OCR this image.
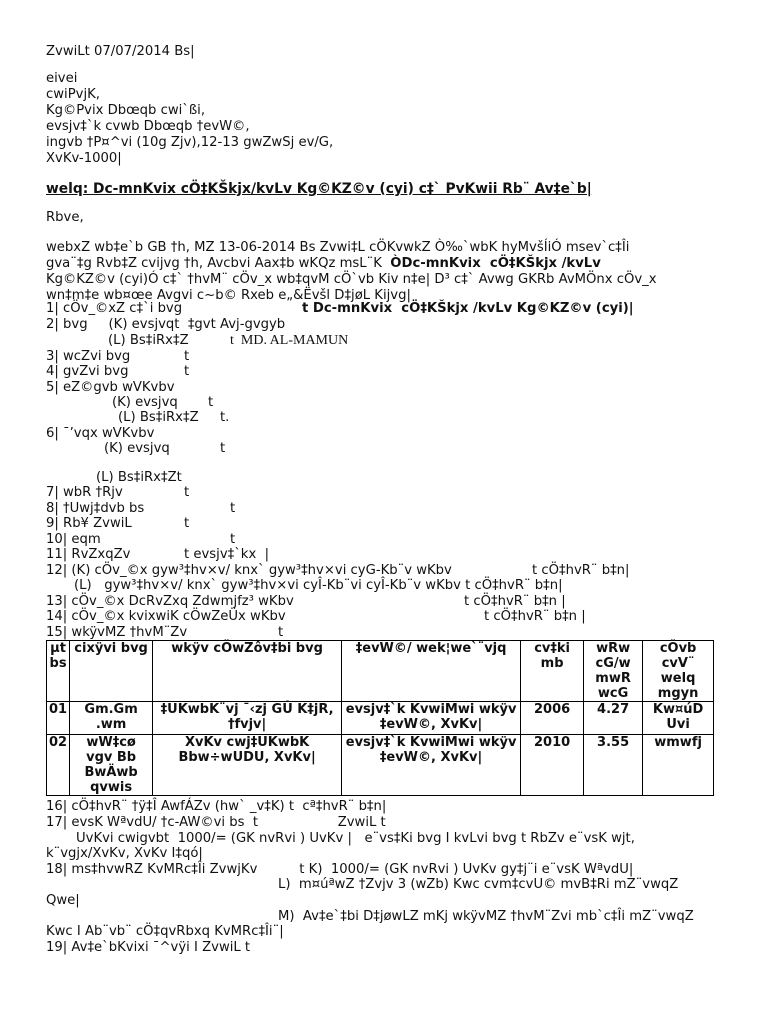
ZvwiLt 07/07/2014 Bs|
eivei
cwiPvjK,
Kg©Pvix Dbœqb cwi`ßi,
evsjv‡`k cvwb Dbœqb †evW©,
ingvb †P¤^vi (10g Zjv),12-13 gwZwSj ev/G,
XvKv-1000|
welq: Dc-mnKvix cÖ‡KŠkjx/kvLv Kg©KZ©v (cyi) c‡` PvKwii Rb¨ Av‡e`b|
Rbve,
webxZ wb‡e`b GB †h, MZ 13-06-2014 Bs Zvwi‡L cÖKvwkZ Ò‰`wbK hyMvšÍiÓ msev`c‡Îi
gva¨‡g Rvb‡Z cvijvg †h, Avcbvi Aax‡b wKQz msL¨K ÒDc-mnKvix  cÖ‡KŠkjx /kvLv
Kg©KZ©v (cyi)Ó c‡` †hvM¨ cÖv_x wb‡qvM cÖ`vb Kiv n‡e| D³ c‡` Avwg GKRb AvMÖnx cÖv_x
wn‡m‡e wb¤œe Avgvi c~b© Rxeb e„&Ëvšl D‡jøL Kijvg|
1| cÖv_©xZ c‡`i bvg	t Dc-mnKvix  cÖ‡KŠkjx /kvLv Kg©KZ©v (cyi)|
2| bvg     (K) evsjvqt  ‡gvt Avj-gvgyb
(L) Bs‡iRx‡Z	t  MD. AL-MAMUN
3| wcZvi bvg	t
4| gvZvi bvg	t
5| eZ©gvb wVKvbv
(K) evsjvq t
(L) Bs‡iRx‡Z t.
6| ¯’vqx wVKvbv
(K) evsjvq	t
(L) Bs‡iRx‡Zt
7| wbR †Rjv	t
8| †Uwj‡dvb bs	t
9| Rb¥ ZvwiL	t
10| eqm	t
11| RvZxqZv	t evsjv‡`kx  |
12| (K) cÖv_©x gyw³‡hv×v/ knx` gyw³‡hv×vi cyG-Kb¨v wKbv	t cÖ‡hvR¨ b‡n|
(L)   gyw³‡hv×v/ knx` gyw³‡hv×vi cyÎ-Kb¨vi cyÎ-Kb¨v wKbv t cÖ‡hvR¨ b‡n|
13| cÖv_©x DcRvZxq Zdwmjfz³ wKbv	t cÖ‡hvR¨ b‡n |
14| cÖv_©x kvixwiK cÖwZeÜx wKbv	t cÖ‡hvR¨ b‡n |
15| wkÿvMZ †hvM¨Zv	t
µt bs	cixÿvi bvg	wkÿv cÖwZôv‡bi bvg	‡evW©/ wek¦we`¨vjq	cv‡ki mb	wRw cG/w mwR wcG	cÖvb cvV¨ welq mgyn
01	Gm.Gm .wm	‡UKwbK¨vj ¯‹zj GÛ K‡jR, †fvjv|	evsjv‡`k KvwiMwi wkÿv ‡evW©, XvKv|	2006	4.27	Kw¤úD Uvi
02	wW‡cø vgv Bb BwÄwb qvwis	XvKv cwj‡UKwbK Bbw÷wUDU, XvKv|	evsjv‡`k KvwiMwi wkÿv ‡evW©, XvKv|	2010	3.55	wmwfj
16| cÖ‡hvR¨ †ÿ‡Î AwfÁZv (hw` _v‡K) t  cª‡hvR¨ b‡n|
17| evsK WªvdU/ †c-AW©vi bs  t                   ZvwiL t
UvKvi cwigvbt  1000/= (GK nvRvi ) UvKv |   e¨vs‡Ki bvg I kvLvi bvg t RbZv e¨vsK wjt,
k¨vgjx/XvKv, XvKv I‡qó|
18| ms‡hvwRZ KvMRc‡Îi ZvwjKv          t K)  1000/= (GK nvRvi ) UvKv gy‡j¨i e¨vsK WªvdU|
L)  m¤úªwZ †Zvjv 3 (wZb) Kwc cvm‡cvU© mvB‡Ri mZ¨vwqZ
Qwe|
M)  Av‡e`‡bi D‡jøwLZ mKj wkÿvMZ †hvM¨Zvi mb`c‡Îi mZ¨vwqZ
Kwc I Ab¨vb¨ cÖ‡qvRbxq KvMRc‡Îi¨|
19| Av‡e`bKvixi ¯^vÿi I ZvwiL t
